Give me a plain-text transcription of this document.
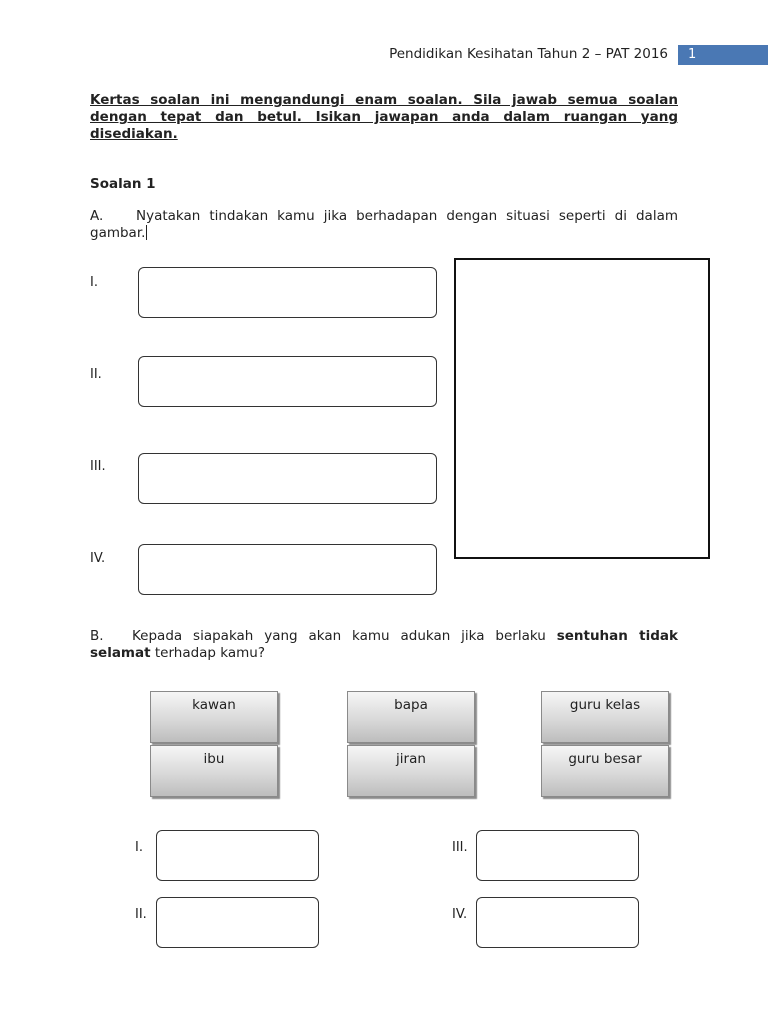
Pendidikan Kesihatan Tahun 2 – PAT 2016	1
Kertas soalan ini mengandungi enam soalan. Sila jawab semua soalan dengan tepat dan betul. Isikan jawapan anda dalam ruangan yang disediakan.
Soalan 1
A. Nyatakan tindakan kamu jika berhadapan dengan situasi seperti di dalam gambar.
I.
II.
III.
IV.
B. Kepada siapakah yang akan kamu adukan jika berlaku sentuhan tidak selamat terhadap kamu?
kawan	bapa	guru kelas
ibu	jiran	guru besar
I.
II.
III.
IV.
